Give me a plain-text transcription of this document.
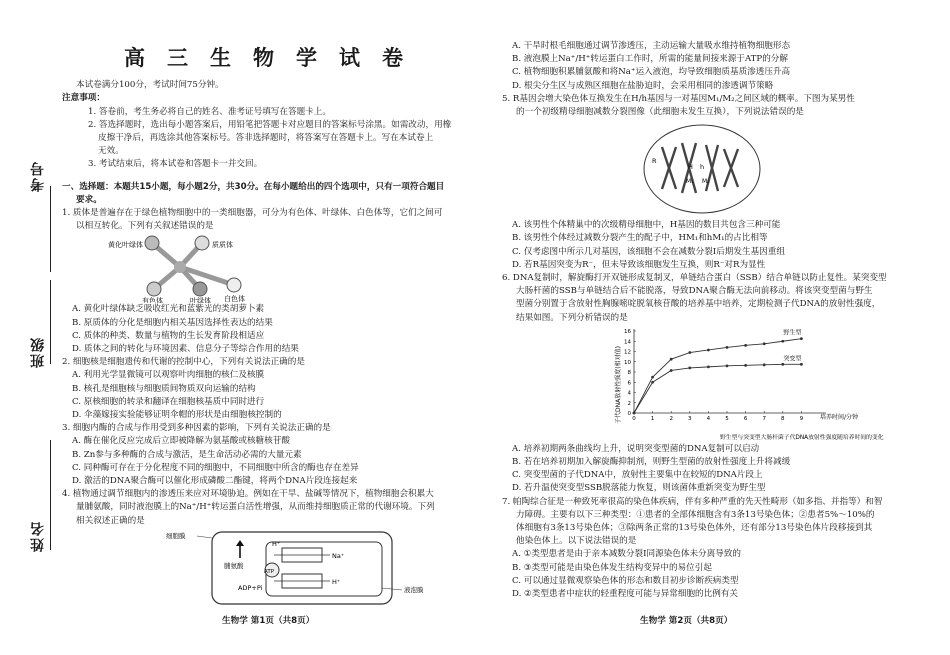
考号
班级
姓名
高三生物学试卷

本试卷满分100分，考试时间75分钟。

注意事项：

1. 答卷前，考生务必将自己的姓名、准考证号填写在答题卡上。

2. 答选择题时，选出每小题答案后，用铅笔把答题卡对应题目的答案标号涂黑。如需改动，用橡

皮擦干净后，再选涂其他答案标号。答非选择题时，将答案写在答题卡上。写在本试卷上

无效。

3. 考试结束后，将本试卷和答题卡一并交回。

一、选择题：本题共15小题，每小题2分，共30分。在每小题给出的四个选项中，只有一项符合题目

要求。

1. 质体是普遍存在于绿色植物细胞中的一类细胞器，可分为有色体、叶绿体、白色体等，它们之间可

以相互转化。下列有关叙述错误的是

黄化叶绿体	质质体
有色体	叶绿体 白色体

A. 黄化叶绿体缺乏吸收红光和蓝紫光的类胡萝卜素

B. 原质体的分化是细胞内相关基因选择性表达的结果

C. 质体的种类、数量与植物的生长发育阶段相适应

D. 质体之间的转化与环境因素、信息分子等综合作用的结果

2. 细胞核是细胞遗传和代谢的控制中心，下列有关说法正确的是

A. 利用光学显微镜可以观察叶肉细胞的核仁及核膜

B. 核孔是细胞核与细胞质间物质双向运输的结构

C. 原核细胞的转录和翻译在细胞核基质中同时进行

D. 伞藻嫁接实验能够证明伞帽的形状是由细胞核控制的

3. 细胞内酶的合成与作用受到多种因素的影响，下列有关说法正确的是

A. 酶在催化反应完成后立即被降解为氨基酸或核糖核苷酸

B. Zn参与多种酶的合成与激活，是生命活动必需的大量元素

C. 同种酶可存在于分化程度不同的细胞中，不同细胞中所含的酶也存在差异

D. 激活的DNA聚合酶可以催化形成磷酸二酯键，将两个DNA片段连接起来

4. 植物通过调节细胞内的渗透压来应对环境胁迫。例如在干旱、盐碱等情况下，植物细胞会积累大

量脯氨酸，同时液泡膜上的Na⁺/H⁺转运蛋白活性增强，从而维持细胞质正常的代谢环境。下列

相关叙述正确的是

细胞膜
液泡膜
脯氨酸
H⁺
Na⁺
ATP
ADP+Pi
H⁺
生物学 第1页（共8页）

A. 干旱时根毛细胞通过调节渗透压，主动运输大量吸水维持植物细胞形态

B. 液泡膜上Na⁺/H⁺转运蛋白工作时，所需的能量间接来源于ATP的分解

C. 植物细胞积累脯氨酸和将Na⁺运入液泡，均导致细胞质基质渗透压升高

D. 根尖分生区与成熟区细胞在盐胁迫时，会采用相同的渗透调节策略

5. R基因会增大染色体互换发生在H/h基因与一对基因M₁/M₂之间区域的概率。下图为某男性

的一个初级精母细胞减数分裂图像（此细胞未发生互换），下列说法错误的是

R
H h
M₁ M₂

A. 该男性个体精巢中的次级精母细胞中，H基因的数目共包含三种可能

B. 该男性个体经过减数分裂产生的配子中，HM₁和hM₁的占比相等

C. 仅考虑图中所示几对基因，该细胞不会在减数分裂Ⅰ后期发生基因重组

D. 若R基因突变为R⁻，但未导致该细胞发生互换，则R⁻对R为显性

6. DNA复制时，解旋酶打开双链形成复制叉，单链结合蛋白（SSB）结合单链以防止复性。某突变型

大肠杆菌的SSB与单链结合后不能脱落，导致DNA聚合酶无法向前移动。将该突变型菌与野生

型菌分别置于含放射性胸腺嘧啶脱氧核苷酸的培养基中培养，定期检测子代DNA的放射性强度，

结果如图。下列分析错误的是

0
2
4
6
8
10
12
14
16
0	1	2	3	4	5	6	7	8	9
野生型
突变型
子代DNA放射性强度(相对值)	培养时间/分钟
野生型与突变型大肠杆菌子代DNA放射性强度随培养时间的变化

A. 培养初期两条曲线均上升，说明突变型菌的DNA复制可以启动

B. 若在培养初期加入解旋酶抑制剂，则野生型菌的放射性强度上升将减缓

C. 突变型菌的子代DNA中，放射性主要集中在较短的DNA片段上

D. 若升温使突变型SSB脱落能力恢复，则该菌体重新突变为野生型

7. 帕陶综合征是一种致死率很高的染色体疾病，伴有多种严重的先天性畸形（如多指、并指等）和智

力障碍。主要有以下三种类型：①患者的全部体细胞含有3条13号染色体；②患者5%～10%的

体细胞有3条13号染色体；③除两条正常的13号染色体外，还有部分13号染色体片段移接到其

他染色体上。以下说法错误的是

A. ①类型患者是由于亲本减数分裂Ⅰ同源染色体未分离导致的

B. ③类型可能是由染色体发生结构变异中的易位引起

C. 可以通过显微观察染色体的形态和数目初步诊断疾病类型

D. ②类型患者中症状的轻重程度可能与异常细胞的比例有关

生物学 第2页（共8页）
